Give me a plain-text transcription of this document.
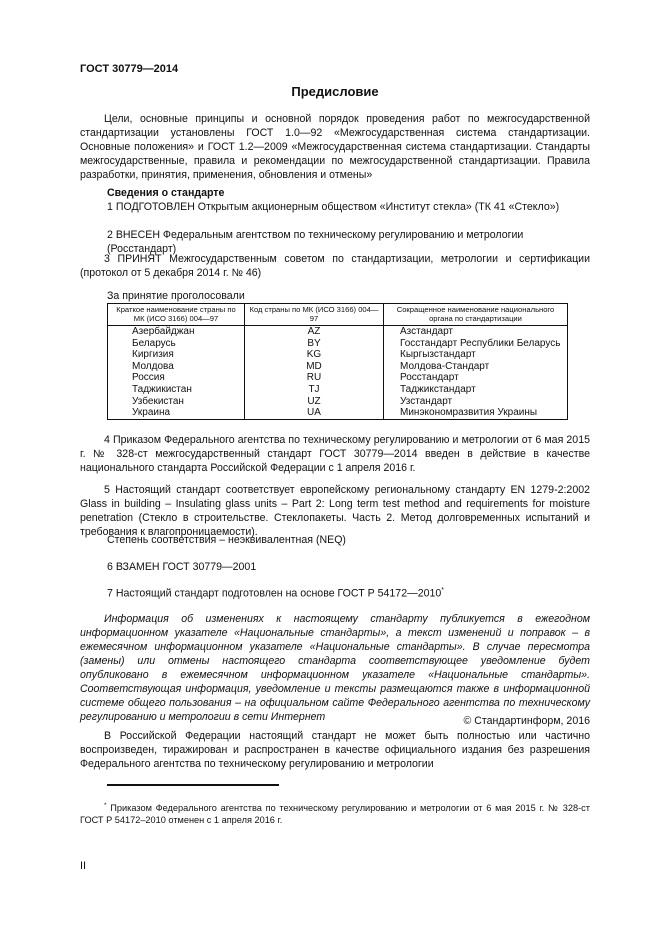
ГОСТ 30779—2014
Предисловие
Цели, основные принципы и основной порядок проведения работ по межгосударственной стандартизации установлены ГОСТ 1.0—92 «Межгосударственная система стандартизации. Основные положения» и ГОСТ 1.2—2009 «Межгосударственная система стандартизации. Стандарты межгосударственные, правила и рекомендации по межгосударственной стандартизации. Правила разработки, принятия, применения, обновления и отмены»
Сведения о стандарте
1 ПОДГОТОВЛЕН Открытым акционерным обществом «Институт стекла» (ТК 41 «Стекло»)
2 ВНЕСЕН Федеральным агентством по техническому регулированию и метрологии (Росстандарт)
3 ПРИНЯТ Межгосударственным советом по стандартизации, метрологии и сертификации (протокол от 5 декабря 2014 г. № 46)
За принятие проголосовали
Краткое наименование страны по МК (ИСО 3166) 004—97	Код страны по МК (ИСО 3166) 004—97	Сокращенное наименование национального органа по стандартизации
Азербайджан	AZ	Азстандарт
Беларусь	BY	Госстандарт Республики Беларусь
Киргизия	KG	Кыргызстандарт
Молдова	MD	Молдова-Стандарт
Россия	RU	Росстандарт
Таджикистан	TJ	Таджикстандарт
Узбекистан	UZ	Узстандарт
Украина	UA	Минэкономразвития Украины
4 Приказом Федерального агентства по техническому регулированию и метрологии от 6 мая 2015 г. № 328-ст межгосударственный стандарт ГОСТ 30779—2014 введен в действие в качестве национального стандарта Российской Федерации с 1 апреля 2016 г.
5 Настоящий стандарт соответствует европейскому региональному стандарту EN 1279-2:2002 Glass in building – Insulating glass units – Part 2: Long term test method and requirements for moisture penetration (Стекло в строительстве. Стеклопакеты. Часть 2. Метод долговременных испытаний и требования к влагопроницаемости).
Степень соответствия – неэквивалентная (NEQ)
6 ВЗАМЕН ГОСТ 30779—2001
7 Настоящий стандарт подготовлен на основе ГОСТ Р 54172—2010*
Информация об изменениях к настоящему стандарту публикуется в ежегодном информационном указателе «Национальные стандарты», а текст изменений и поправок – в ежемесячном информационном указателе «Национальные стандарты». В случае пересмотра (замены) или отмены настоящего стандарта соответствующее уведомление будет опубликовано в ежемесячном информационном указателе «Национальные стандарты». Соответствующая информация, уведомление и тексты размещаются также в информационной системе общего пользования – на официальном сайте Федерального агентства по техническому регулированию и метрологии в сети Интернет	© Стандартинформ, 2016
В Российской Федерации настоящий стандарт не может быть полностью или частично воспроизведен, тиражирован и распространен в качестве официального издания без разрешения Федерального агентства по техническому регулированию и метрологии
* Приказом Федерального агентства по техническому регулированию и метрологии от 6 мая 2015 г. № 328-ст ГОСТ Р 54172–2010 отменен с 1 апреля 2016 г.
II
